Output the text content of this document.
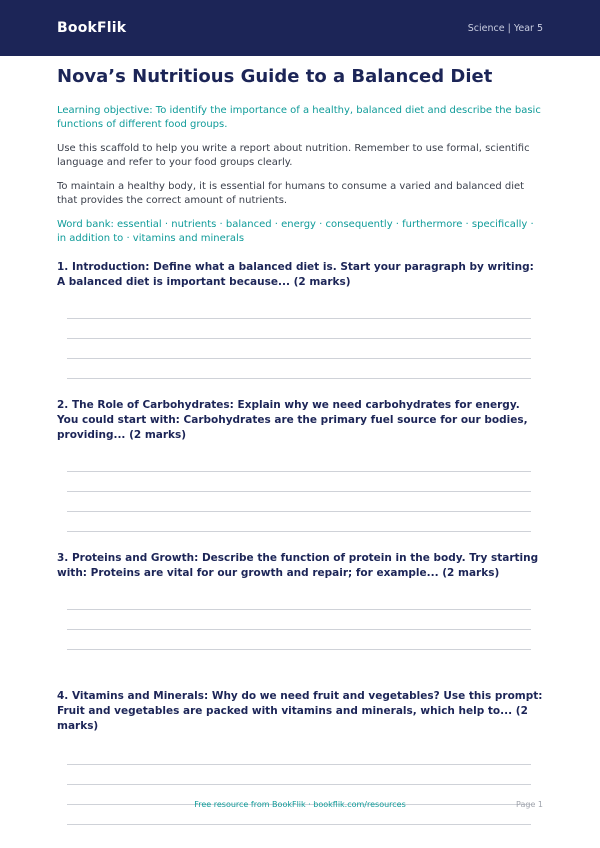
BookFlik	Science | Year 5
Nova’s Nutritious Guide to a Balanced Diet

Learning objective: To identify the importance of a healthy, balanced diet and describe the basic functions of different food groups.

Use this scaffold to help you write a report about nutrition. Remember to use formal, scientific language and refer to your food groups clearly.

To maintain a healthy body, it is essential for humans to consume a varied and balanced diet that provides the correct amount of nutrients.

Word bank: essential · nutrients · balanced · energy · consequently · furthermore · specifically · in addition to · vitamins and minerals

1. Introduction: Define what a balanced diet is. Start your paragraph by writing: A balanced diet is important because... (2 marks)

2. The Role of Carbohydrates: Explain why we need carbohydrates for energy. You could start with: Carbohydrates are the primary fuel source for our bodies, providing... (2 marks)

3. Proteins and Growth: Describe the function of protein in the body. Try starting with: Proteins are vital for our growth and repair; for example... (2 marks)

4. Vitamins and Minerals: Why do we need fruit and vegetables? Use this prompt: Fruit and vegetables are packed with vitamins and minerals, which help to... (2 marks)

Free resource from BookFlik · bookflik.com/resources	Page 1
